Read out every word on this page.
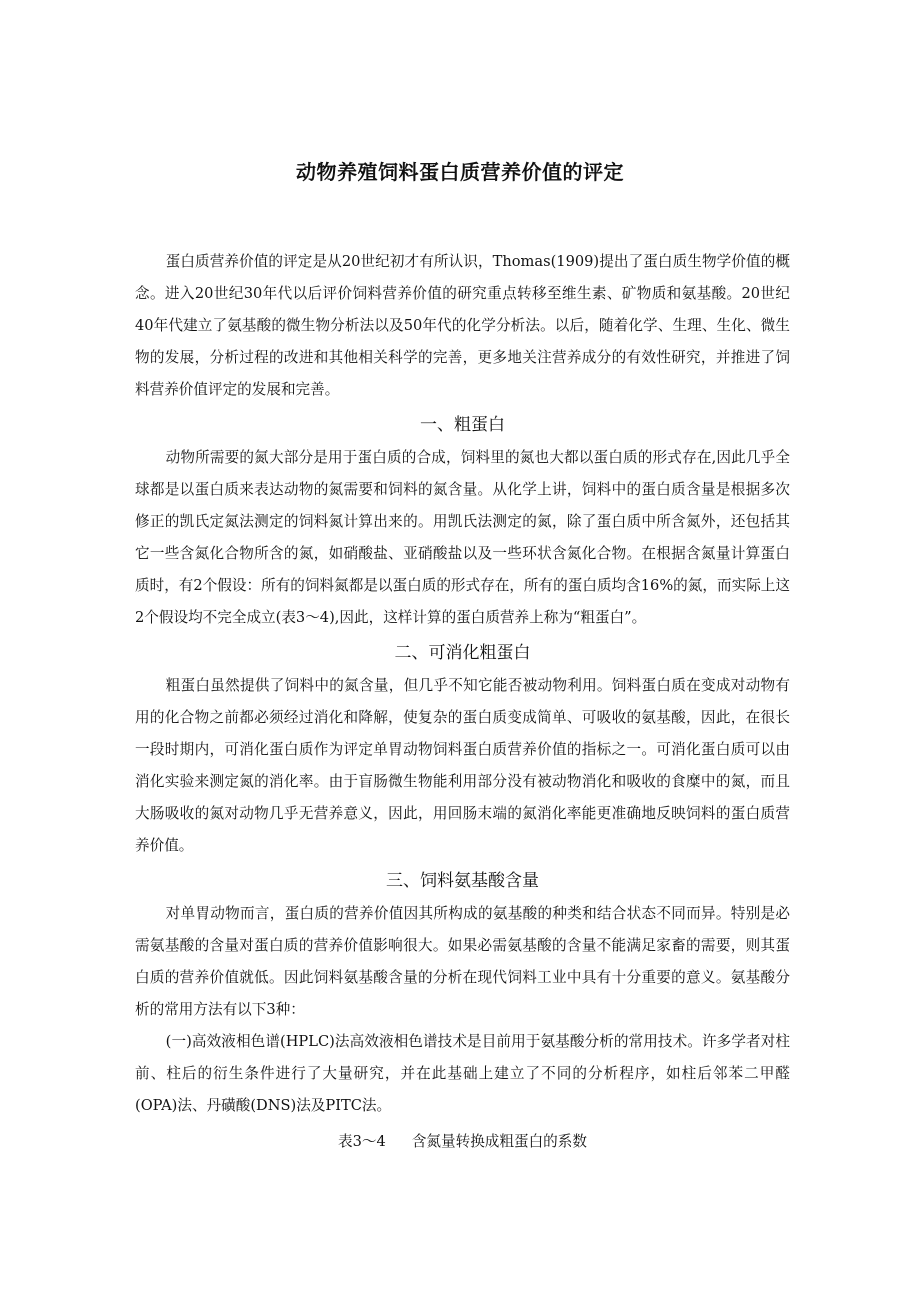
动物养殖饲料蛋白质营养价值的评定

蛋白质营养价值的评定是从20世纪初才有所认识，Thomas(1909)提出了蛋白质生物学价值的概念。进入20世纪30年代以后评价饲料营养价值的研究重点转移至维生素、矿物质和氨基酸。20世纪40年代建立了氨基酸的微生物分析法以及50年代的化学分析法。以后，随着化学、生理、生化、微生物的发展，分析过程的改进和其他相关科学的完善，更多地关注营养成分的有效性研究，并推进了饲料营养价值评定的发展和完善。

一、粗蛋白

动物所需要的氮大部分是用于蛋白质的合成，饲料里的氮也大都以蛋白质的形式存在,因此几乎全球都是以蛋白质来表达动物的氮需要和饲料的氮含量。从化学上讲，饲料中的蛋白质含量是根据多次修正的凯氏定氮法测定的饲料氮计算出来的。用凯氏法测定的氮，除了蛋白质中所含氮外，还包括其它一些含氮化合物所含的氮，如硝酸盐、亚硝酸盐以及一些环状含氮化合物。在根据含氮量计算蛋白质时，有2个假设：所有的饲料氮都是以蛋白质的形式存在，所有的蛋白质均含16%的氮，而实际上这2个假设均不完全成立(表3～4),因此，这样计算的蛋白质营养上称为“粗蛋白”。

二、可消化粗蛋白

粗蛋白虽然提供了饲料中的氮含量，但几乎不知它能否被动物利用。饲料蛋白质在变成对动物有用的化合物之前都必须经过消化和降解，使复杂的蛋白质变成简单、可吸收的氨基酸，因此，在很长一段时期内，可消化蛋白质作为评定单胃动物饲料蛋白质营养价值的指标之一。可消化蛋白质可以由消化实验来测定氮的消化率。由于盲肠微生物能利用部分没有被动物消化和吸收的食糜中的氮，而且大肠吸收的氮对动物几乎无营养意义，因此，用回肠末端的氮消化率能更准确地反映饲料的蛋白质营养价值。

三、饲料氨基酸含量

对单胃动物而言，蛋白质的营养价值因其所构成的氨基酸的种类和结合状态不同而异。特别是必需氨基酸的含量对蛋白质的营养价值影响很大。如果必需氨基酸的含量不能满足家畜的需要，则其蛋白质的营养价值就低。因此饲料氨基酸含量的分析在现代饲料工业中具有十分重要的意义。氨基酸分析的常用方法有以下3种：

(一)高效液相色谱(HPLC)法高效液相色谱技术是目前用于氨基酸分析的常用技术。许多学者对柱前、柱后的衍生条件进行了大量研究，并在此基础上建立了不同的分析程序，如柱后邻苯二甲醛(OPA)法、丹磺酸(DNS)法及PITC法。

表3～4 含氮量转换成粗蛋白的系数
